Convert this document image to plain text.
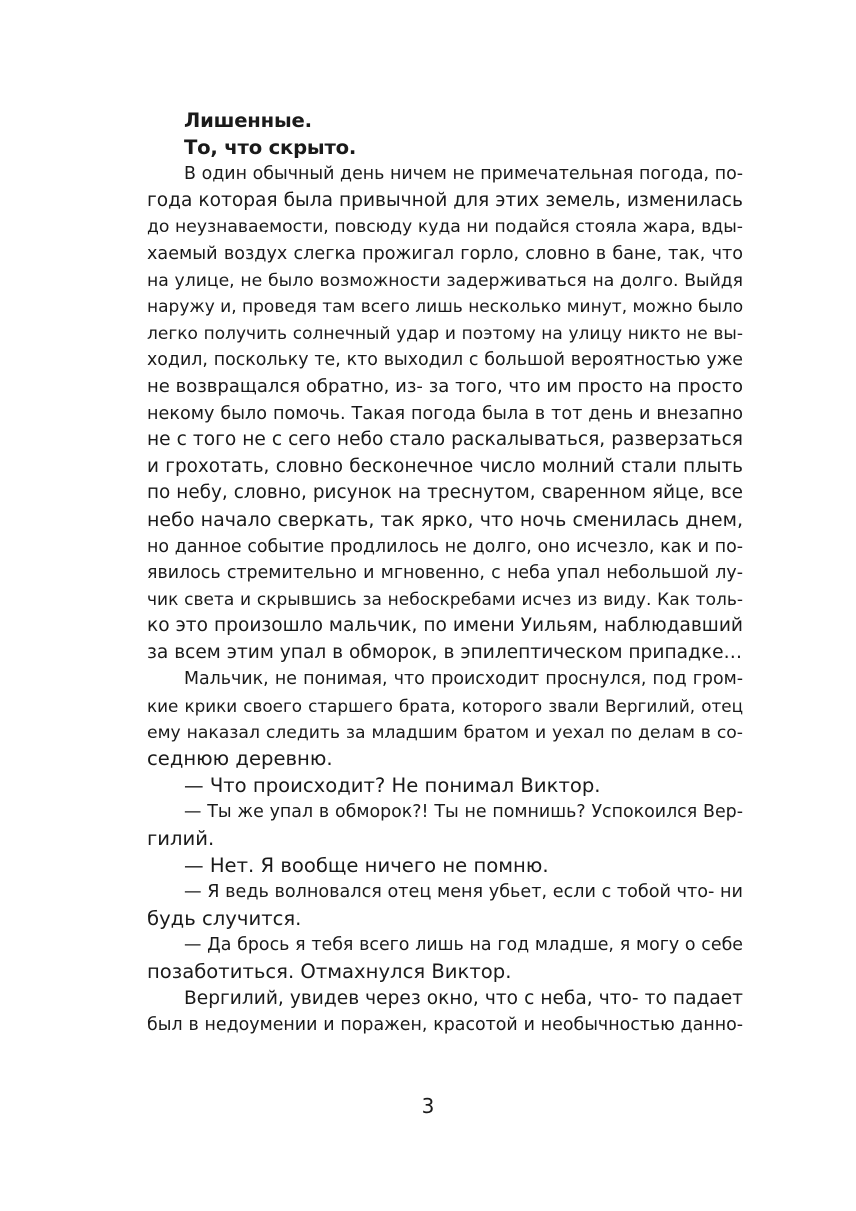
Лишенные.
То, что скрыто.
В один обычный день ничем не примечательная погода, по-
года которая была привычной для этих земель, изменилась
до неузнаваемости, повсюду куда ни подайся стояла жара, вды-
хаемый воздух слегка прожигал горло, словно в бане, так, что
на улице, не было возможности задерживаться на долго. Выйдя
наружу и, проведя там всего лишь несколько минут, можно было
легко получить солнечный удар и поэтому на улицу никто не вы-
ходил, поскольку те, кто выходил с большой вероятностью уже
не возвращался обратно, из- за того, что им просто на просто
некому было помочь. Такая погода была в тот день и внезапно
не с того не с сего небо стало раскалываться, разверзаться
и грохотать, словно бесконечное число молний стали плыть
по небу, словно, рисунок на треснутом, сваренном яйце, все
небо начало сверкать, так ярко, что ночь сменилась днем,
но данное событие продлилось не долго, оно исчезло, как и по-
явилось стремительно и мгновенно, с неба упал небольшой лу-
чик света и скрывшись за небоскребами исчез из виду. Как толь-
ко это произошло мальчик, по имени Уильям, наблюдавший
за всем этим упал в обморок, в эпилептическом припадке…
Мальчик, не понимая, что происходит проснулся, под гром-
кие крики своего старшего брата, которого звали Вергилий, отец
ему наказал следить за младшим братом и уехал по делам в со-
седнюю деревню.
— Что происходит? Не понимал Виктор.
— Ты же упал в обморок?! Ты не помнишь? Успокоился Вер-
гилий.
— Нет. Я вообще ничего не помню.
— Я ведь волновался отец меня убьет, если с тобой что- ни
будь случится.
— Да брось я тебя всего лишь на год младше, я могу о себе
позаботиться. Отмахнулся Виктор.
Вергилий, увидев через окно, что с неба, что- то падает
был в недоумении и поражен, красотой и необычностью данно-
3
